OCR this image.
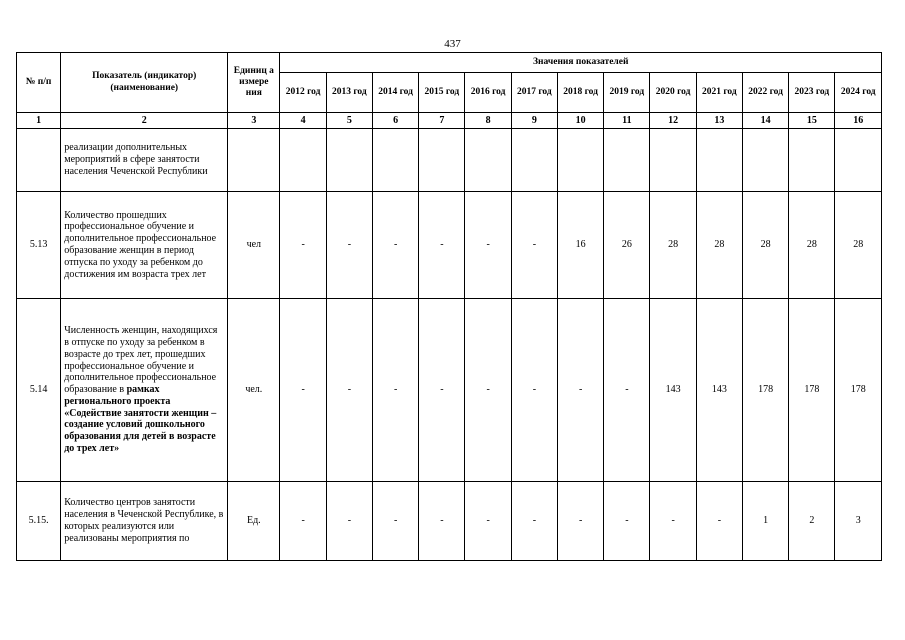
437
№ п/п	Показатель (индикатор) (наименование)	Единиц а измере ния	Значения показателей												
			2012 год	2013 год	2014 год	2015 год	2016 год	2017 год	2018 год	2019 год	2020 год	2021 год	2022 год	2023 год	2024 год
1	2	3	4	5	6	7	8	9	10	11	12	13	14	15	16
	реализации дополнительных мероприятий в сфере занятости населения Чеченской Республики														
5.13	Количество прошедших профессиональное обучение и дополнительное профессиональное образование женщин в период отпуска по уходу за ребенком до достижения им возраста трех лет	чел	-	-	-	-	-	-	16	26	28	28	28	28	28
5.14	Численность женщин, находящихся в отпуске по уходу за ребенком в возрасте до трех лет, прошедших профессиональное обучение и дополнительное профессиональное образование в рамках регионального проекта «Содействие занятости женщин – создание условий дошкольного образования для детей в возрасте до трех лет»	чел.	-	-	-	-	-	-	-	-	143	143	178	178	178
5.15.	Количество центров занятости населения в Чеченской Республике, в которых реализуются или реализованы мероприятия по	Ед.	-	-	-	-	-	-	-	-	-	-	1	2	3
